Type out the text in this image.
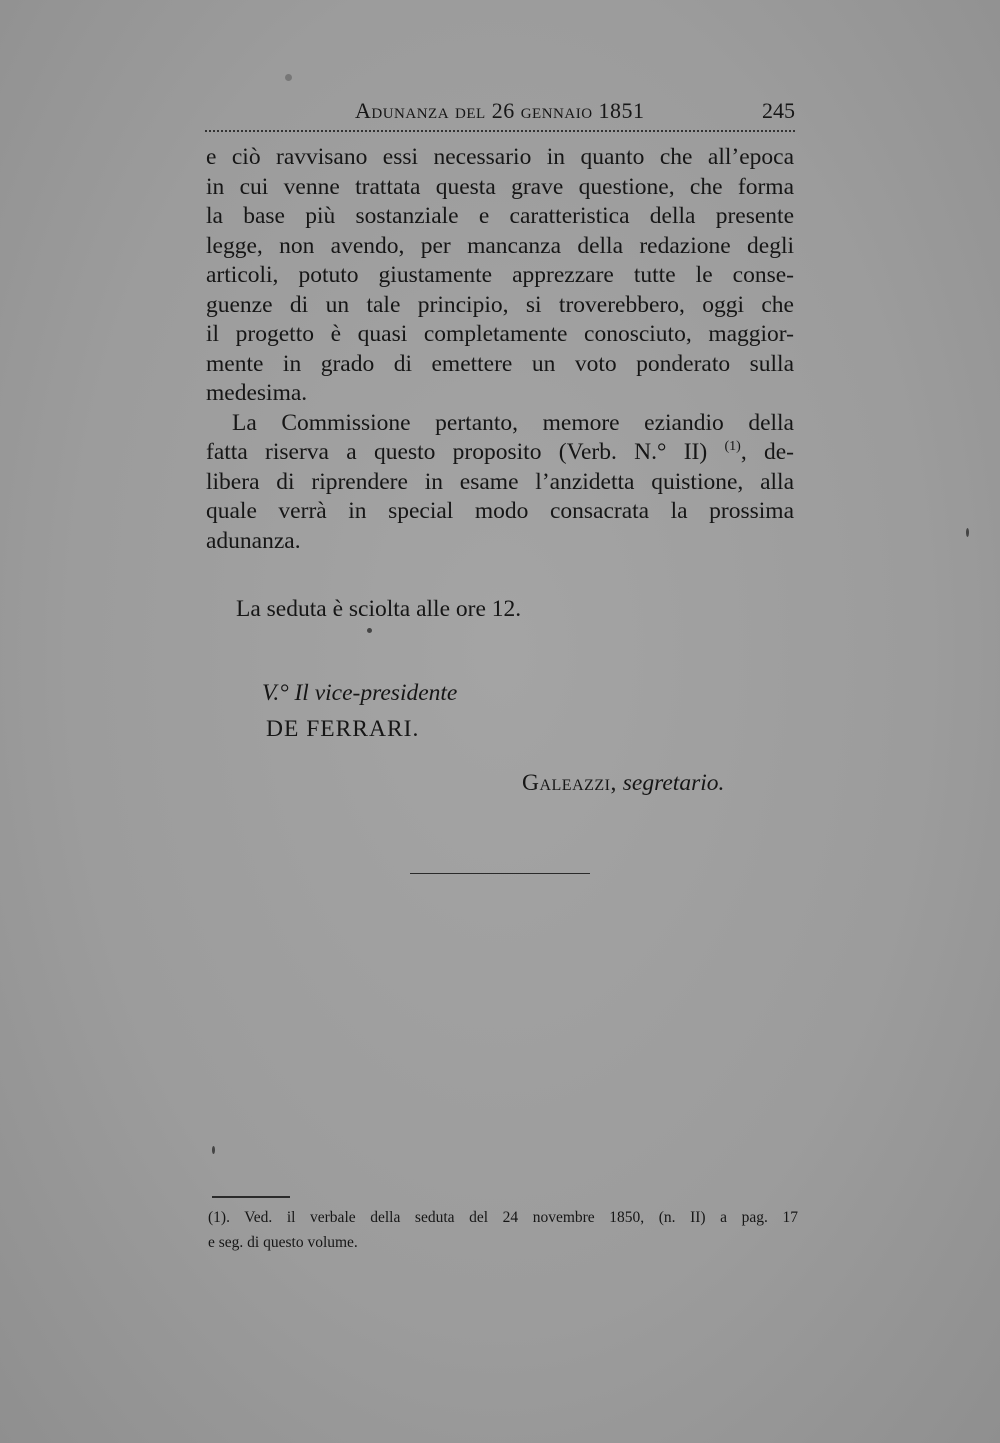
Adunanza del 26 gennaio 1851	245
e ciò ravvisano essi necessario in quanto che all’epoca
in cui venne trattata questa grave questione, che forma
la base più sostanziale e caratteristica della presente
legge, non avendo, per mancanza della redazione degli
articoli, potuto giustamente apprezzare tutte le conse-
guenze di un tale principio, si troverebbero, oggi che
il progetto è quasi completamente conosciuto, maggior-
mente in grado di emettere un voto ponderato sulla
medesima.
La Commissione pertanto, memore eziandio della
fatta riserva a questo proposito (Verb. N.° II) $^{(1)}$, de-
libera di riprendere in esame l’anzidetta quistione, alla
quale verrà in special modo consacrata la prossima
adunanza.
La seduta è sciolta alle ore 12.
V.° Il vice-presidente
DE FERRARI.
Galeazzi, segretario.
(1). Ved. il verbale della seduta del 24 novembre 1850, (n. II) a pag. 17
e seg. di questo volume.
